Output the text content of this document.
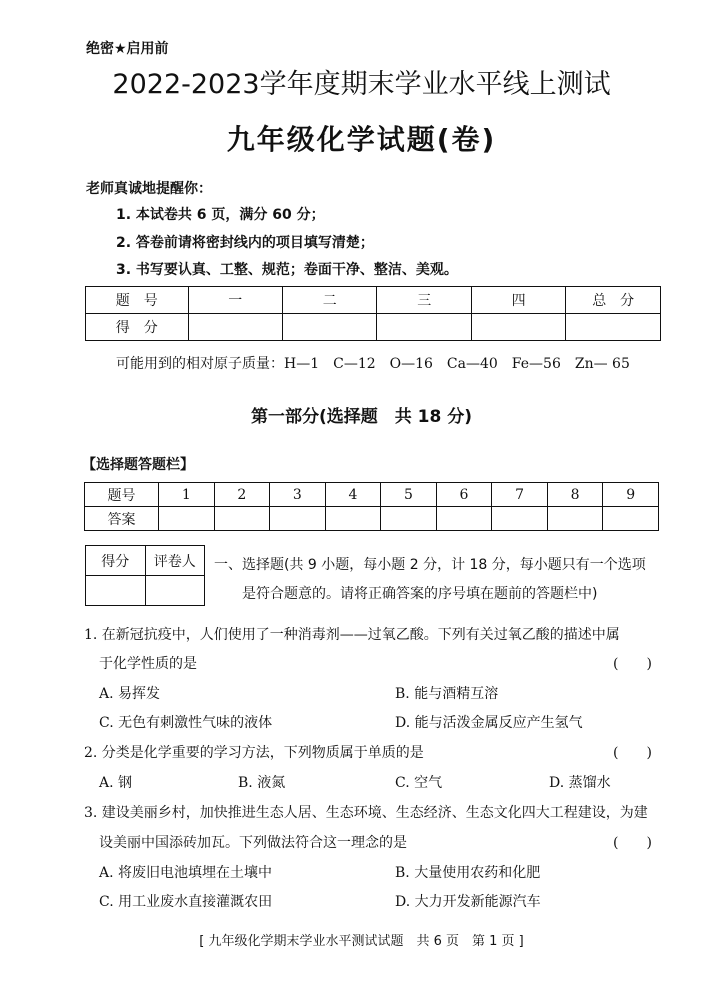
绝密★启用前
2022-2023学年度期末学业水平线上测试
九年级化学试题(卷)
老师真诚地提醒你：
1. 本试卷共 6 页，满分 60 分；
2. 答卷前请将密封线内的项目填写清楚；
3. 书写要认真、工整、规范；卷面干净、整洁、美观。
题　号	一	二	三	四	总　分
得　分					
可能用到的相对原子质量：H—1　C—12　O—16　Ca—40　Fe—56　Zn— 65
第一部分(选择题　共 18 分)
【选择题答题栏】
题号	1	2	3	4	5	6	7	8	9
答案									
得分	评卷人
	一、选择题(共 9 小题，每小题 2 分，计 18 分，每小题只有一个选项
是符合题意的。请将正确答案的序号填在题前的答题栏中)
1. 在新冠抗疫中，人们使用了一种消毒剂——过氧乙酸。下列有关过氧乙酸的描述中属
于化学性质的是	(　　)
A. 易挥发	B. 能与酒精互溶
C. 无色有刺激性气味的液体	D. 能与活泼金属反应产生氢气
2. 分类是化学重要的学习方法，下列物质属于单质的是	(　　)
A. 钢	B. 液氮	C. 空气	D. 蒸馏水
3. 建设美丽乡村，加快推进生态人居、生态环境、生态经济、生态文化四大工程建设，为建
设美丽中国添砖加瓦。下列做法符合这一理念的是	(　　)
A. 将废旧电池填埋在土壤中	B. 大量使用农药和化肥
C. 用工业废水直接灌溉农田	D. 大力开发新能源汽车
[ 九年级化学期末学业水平测试试题　共 6 页　第 1 页 ]
